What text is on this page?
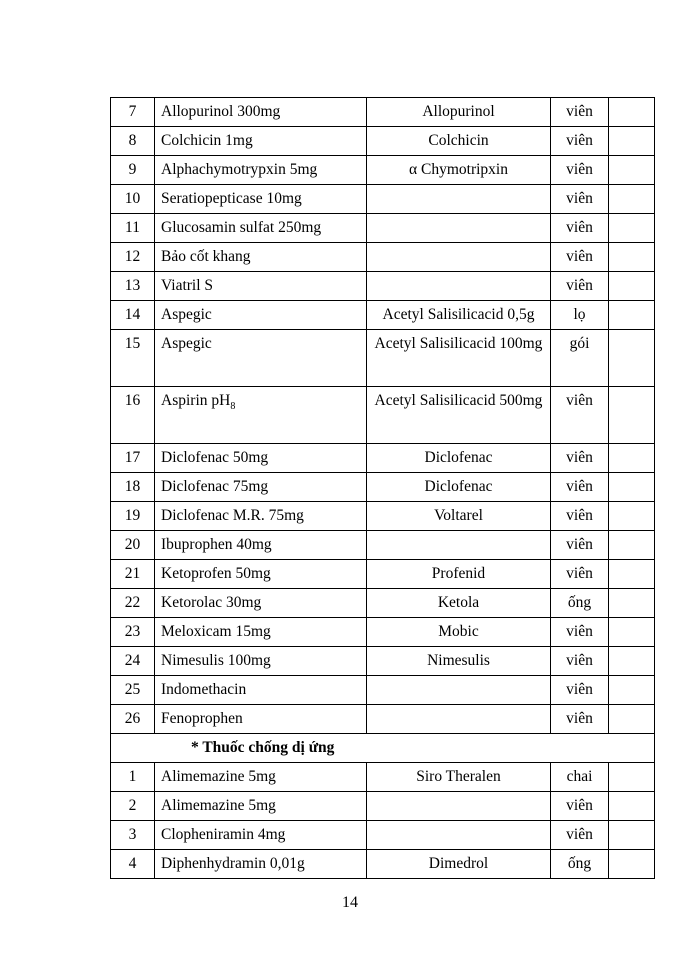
7	Allopurinol 300mg	Allopurinol	viên	
8	Colchicin 1mg	Colchicin	viên	
9	Alphachymotrypxin 5mg	α Chymotripxin	viên	
10	Seratiopepticase 10mg		viên	
11	Glucosamin sulfat 250mg		viên	
12	Bảo cốt khang		viên	
13	Viatril S		viên	
14	Aspegic	Acetyl Salisilicacid 0,5g	lọ	
15	Aspegic	Acetyl Salisilicacid 100mg	gói	
16	Aspirin $pH_8$	Acetyl Salisilicacid 500mg	viên	
17	Diclofenac 50mg	Diclofenac	viên	
18	Diclofenac 75mg	Diclofenac	viên	
19	Diclofenac M.R. 75mg	Voltarel	viên	
20	Ibuprophen 40mg		viên	
21	Ketoprofen 50mg	Profenid	viên	
22	Ketorolac 30mg	Ketola	ống	
23	Meloxicam 15mg	Mobic	viên	
24	Nimesulis 100mg	Nimesulis	viên	
25	Indomethacin		viên	
26	Fenoprophen		viên	
* Thuốc chống dị ứng				
1	Alimemazine 5mg	Siro Theralen	chai	
2	Alimemazine 5mg		viên	
3	Clopheniramin 4mg		viên	
4	Diphenhydramin 0,01g	Dimedrol	ống	
14
